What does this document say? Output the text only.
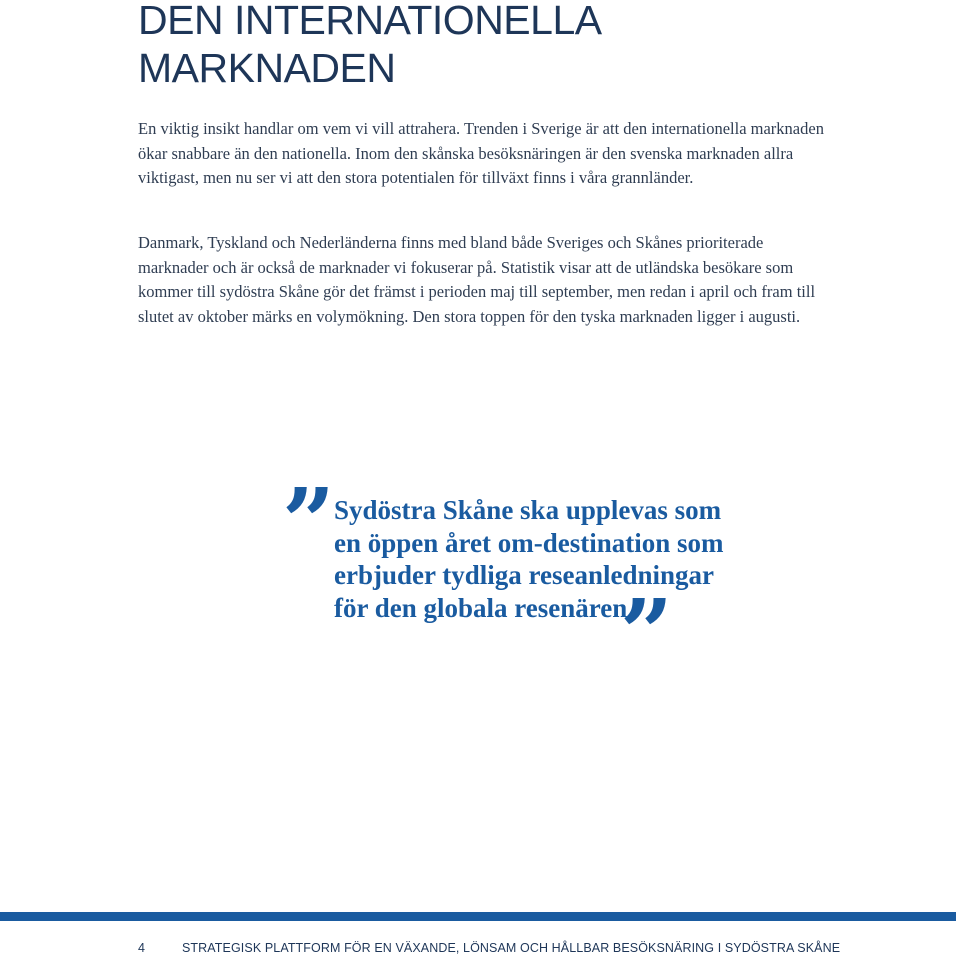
DEN INTERNATIONELLA
MARKNADEN

En viktig insikt handlar om vem vi vill attrahera. Trenden i Sverige är att den internationella marknaden ökar snabbare än den nationella. Inom den skånska besöksnäringen är den svenska marknaden allra viktigast, men nu ser vi att den stora potentialen för tillväxt finns i våra grannländer.

Danmark, Tyskland och Nederländerna finns med bland både Sveriges och Skånes prioriterade marknader och är också de marknader vi fokuserar på. Statistik visar att de utländska besökare som kommer till sydöstra Skåne gör det främst i perioden maj till september, men redan i april och fram till slutet av oktober märks en volymökning. Den stora toppen för den tyska marknaden ligger i augusti.

” Sydöstra Skåne ska upplevas som
en öppen året om-destination som
erbjuder tydliga reseanledningar
för den globala resenären

”
4	STRATEGISK PLATTFORM FÖR EN VÄXANDE, LÖNSAM OCH HÅLLBAR BESÖKSNÄRING I SYDÖSTRA SKÅNE
